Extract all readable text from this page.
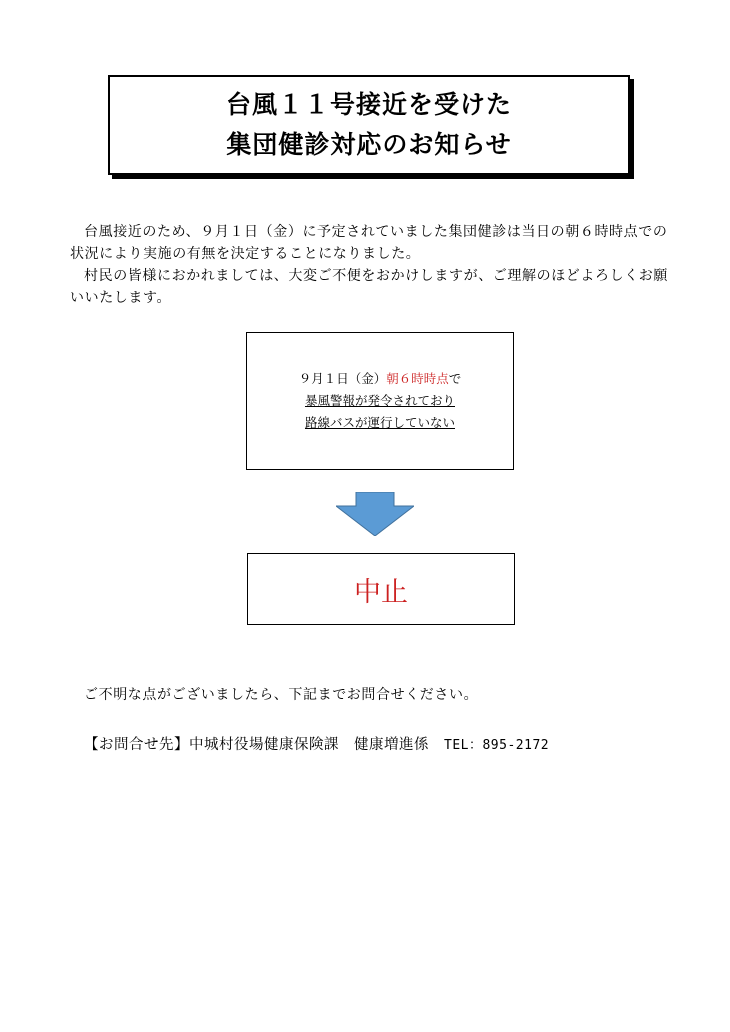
台風１１号接近を受けた
集団健診対応のお知らせ
台風接近のため、９月１日（金）に予定されていました集団健診は当日の朝６時時点での状況により実施の有無を決定することになりました。
村民の皆様におかれましては、大変ご不便をおかけしますが、ご理解のほどよろしくお願いいたします。
９月１日（金）朝６時時点で
暴風警報が発令されており
路線バスが運行していない
中止
ご不明な点がございましたら、下記までお問合せください。
【お問合せ先】中城村役場健康保険課　健康増進係　TEL：895-2172
